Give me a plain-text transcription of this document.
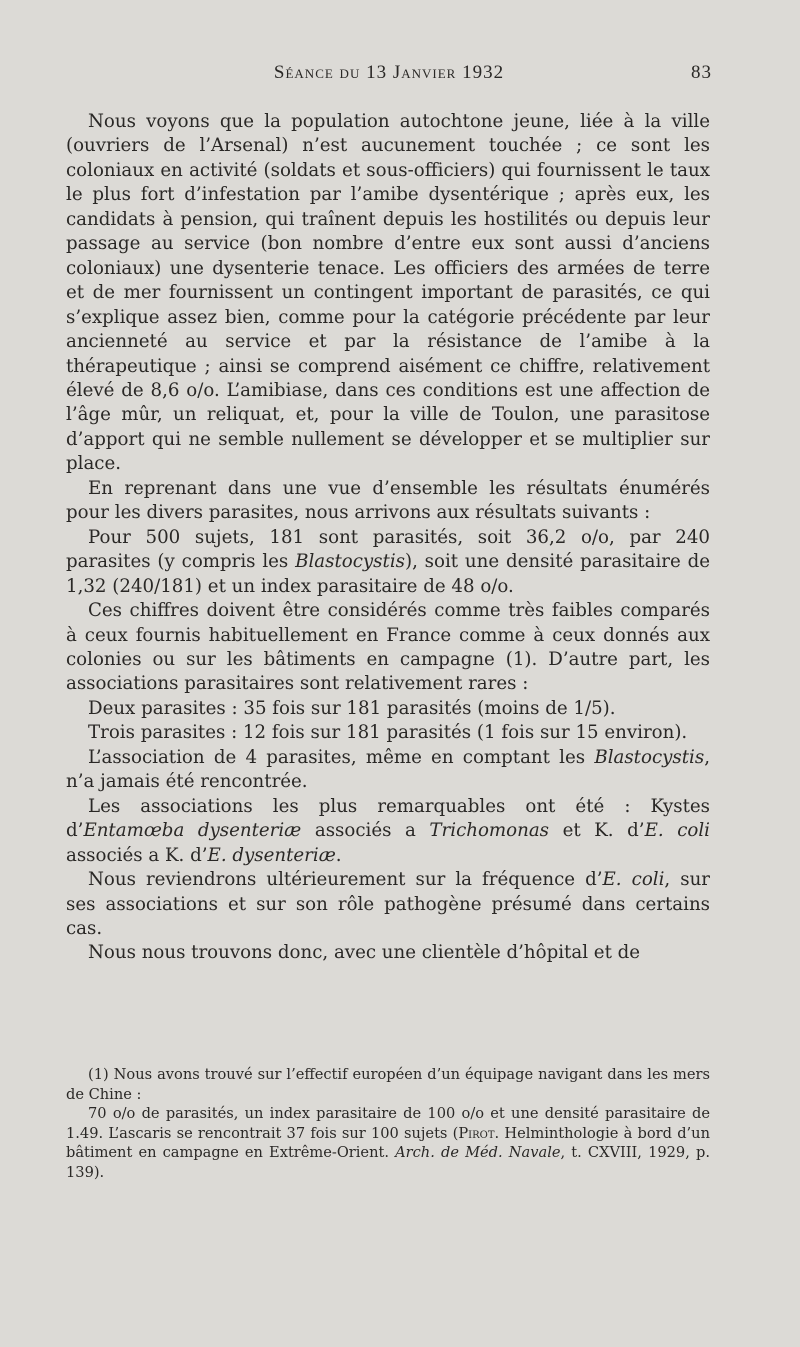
Séance du 13 Janvier 1932	83

Nous voyons que la population autochtone jeune, liée à la ville (ouvriers de l’Arsenal) n’est aucunement touchée ; ce sont les coloniaux en activité (soldats et sous-officiers) qui fournissent le taux le plus fort d’infestation par l’amibe dysentérique ; après eux, les candidats à pension, qui traînent depuis les hostilités ou depuis leur passage au service (bon nombre d’entre eux sont aussi d’anciens coloniaux) une dysenterie tenace. Les officiers des armées de terre et de mer fournissent un contingent important de parasités, ce qui s’explique assez bien, comme pour la catégorie précédente par leur ancienneté au service et par la résistance de l’amibe à la thérapeutique ; ainsi se comprend aisément ce chiffre, relativement élevé de 8,6 o/o. L’amibiase, dans ces conditions est une affection de l’âge mûr, un reliquat, et, pour la ville de Toulon, une parasitose d’apport qui ne semble nullement se développer et se multiplier sur place.

En reprenant dans une vue d’ensemble les résultats énumérés pour les divers parasites, nous arrivons aux résultats suivants :

Pour 500 sujets, 181 sont parasités, soit 36,2 o/o, par 240 parasites (y compris les Blastocystis), soit une densité parasitaire de 1,32 (240/181) et un index parasitaire de 48 o/o.

Ces chiffres doivent être considérés comme très faibles comparés à ceux fournis habituellement en France comme à ceux donnés aux colonies ou sur les bâtiments en campagne (1). D’autre part, les associations parasitaires sont relativement rares :

Deux parasites : 35 fois sur 181 parasités (moins de 1/5).

Trois parasites : 12 fois sur 181 parasités (1 fois sur 15 environ).

L’association de 4 parasites, même en comptant les Blastocystis, n’a jamais été rencontrée.

Les associations les plus remarquables ont été : Kystes d’Entamœba dysenteriæ associés a Trichomonas et K. d’E. coli associés a K. d’E. dysenteriæ.

Nous reviendrons ultérieurement sur la fréquence d’E. coli, sur ses associations et sur son rôle pathogène présumé dans certains cas.

Nous nous trouvons donc, avec une clientèle d’hôpital et de

(1) Nous avons trouvé sur l’effectif européen d’un équipage navigant dans les mers de Chine :

70 o/o de parasités, un index parasitaire de 100 o/o et une densité parasitaire de 1.49. L’ascaris se rencontrait 37 fois sur 100 sujets (Pirot. Helminthologie à bord d’un bâtiment en campagne en Extrême-Orient. Arch. de Méd. Navale, t. CXVIII, 1929, p. 139).
